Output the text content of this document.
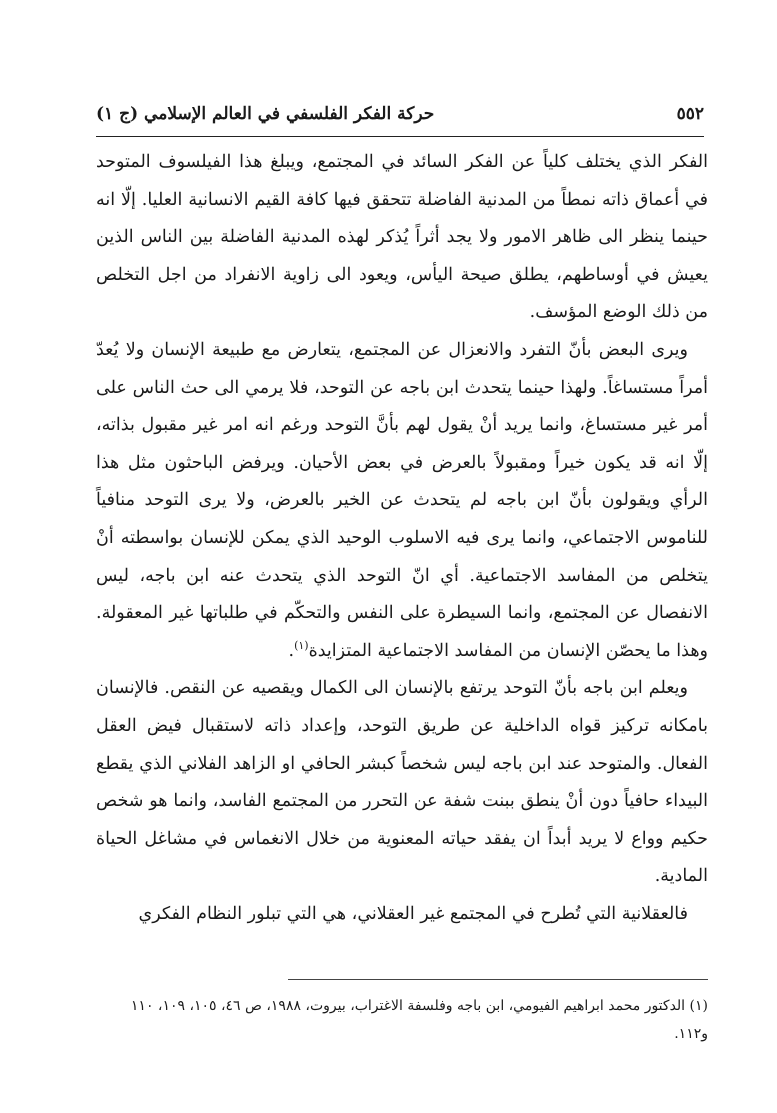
٥٥٢
حركة الفكر الفلسفي في العالم الإسلامي (ج ١)

الفكر الذي يختلف كلياً عن الفكر السائد في المجتمع، ويبلغ هذا الفيلسوف المتوحد في أعماق ذاته نمطاً من المدنية الفاضلة تتحقق فيها كافة القيم الانسانية العليا. إلّا انه حينما ينظر الى ظاهر الامور ولا يجد أثراً يُذكر لهذه المدنية الفاضلة بين الناس الذين يعيش في أوساطهم، يطلق صيحة اليأس، ويعود الى زاوية الانفراد من اجل التخلص من ذلك الوضع المؤسف.

ويرى البعض بأنّ التفرد والانعزال عن المجتمع، يتعارض مع طبيعة الإنسان ولا يُعدّ أمراً مستساغاً. ولهذا حينما يتحدث ابن باجه عن التوحد، فلا يرمي الى حث الناس على أمر غير مستساغ، وانما يريد أنْ يقول لهم بأنَّ التوحد ورغم انه امر غير مقبول بذاته، إلّا انه قد يكون خيراً ومقبولاً بالعرض في بعض الأحيان. ويرفض الباحثون مثل هذا الرأي ويقولون بأنّ ابن باجه لم يتحدث عن الخير بالعرض، ولا يرى التوحد منافياً للناموس الاجتماعي، وانما يرى فيه الاسلوب الوحيد الذي يمكن للإنسان بواسطته أنْ يتخلص من المفاسد الاجتماعية. أي انّ التوحد الذي يتحدث عنه ابن باجه، ليس الانفصال عن المجتمع، وانما السيطرة على النفس والتحكّم في طلباتها غير المعقولة. وهذا ما يحصّن الإنسان من المفاسد الاجتماعية المتزايدة$^{(١)}$.

ويعلم ابن باجه بأنّ التوحد يرتفع بالإنسان الى الكمال ويقصيه عن النقص. فالإنسان بامكانه تركيز قواه الداخلية عن طريق التوحد، وإعداد ذاته لاستقبال فيض العقل الفعال. والمتوحد عند ابن باجه ليس شخصاً كبشر الحافي او الزاهد الفلاني الذي يقطع البيداء حافياً دون أنْ ينطق ببنت شفة عن التحرر من المجتمع الفاسد، وانما هو شخص حكيم وواع لا يريد أبداً ان يفقد حياته المعنوية من خلال الانغماس في مشاغل الحياة المادية.

فالعقلانية التي تُطرح في المجتمع غير العقلاني، هي التي تبلور النظام الفكري

(١) الدكتور محمد ابراهيم الفيومي، ابن باجه وفلسفة الاغتراب، بيروت، ١٩٨٨، ص ٤٦، ١٠٥، ١٠٩، ١١٠ و١١٢.
